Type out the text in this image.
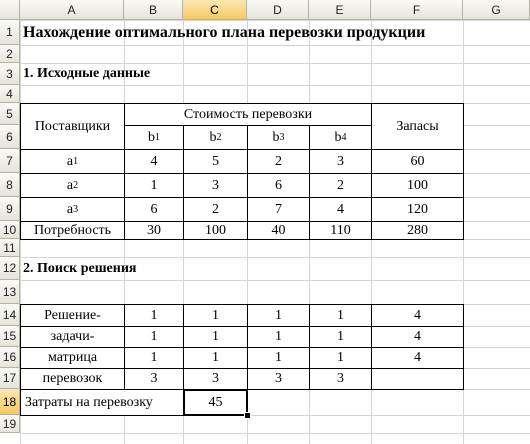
A	B	C	D	E	F	G
1
2
3
4
5
6
7
8
9
10
11
12
13
14
15
16
17
18
19
Нахождение оптимального плана перевозки продукции
1. Исходные данные
2. Поиск решения
Поставщики
Стоимость перевозки
Запасы
b 1	b 2	b 3	b 4
a 1	4	5	2	3	60
a 2	1	3	6	2	100
a 3	6	2	7	4	120
Потребность	30	100	40	110	280
Решение-	1	1	1	1	4
задачи-	1	1	1	1	4
матрица	1	1	1	1	4
перевозок	3	3	3	3
Затраты на перевозку	45
